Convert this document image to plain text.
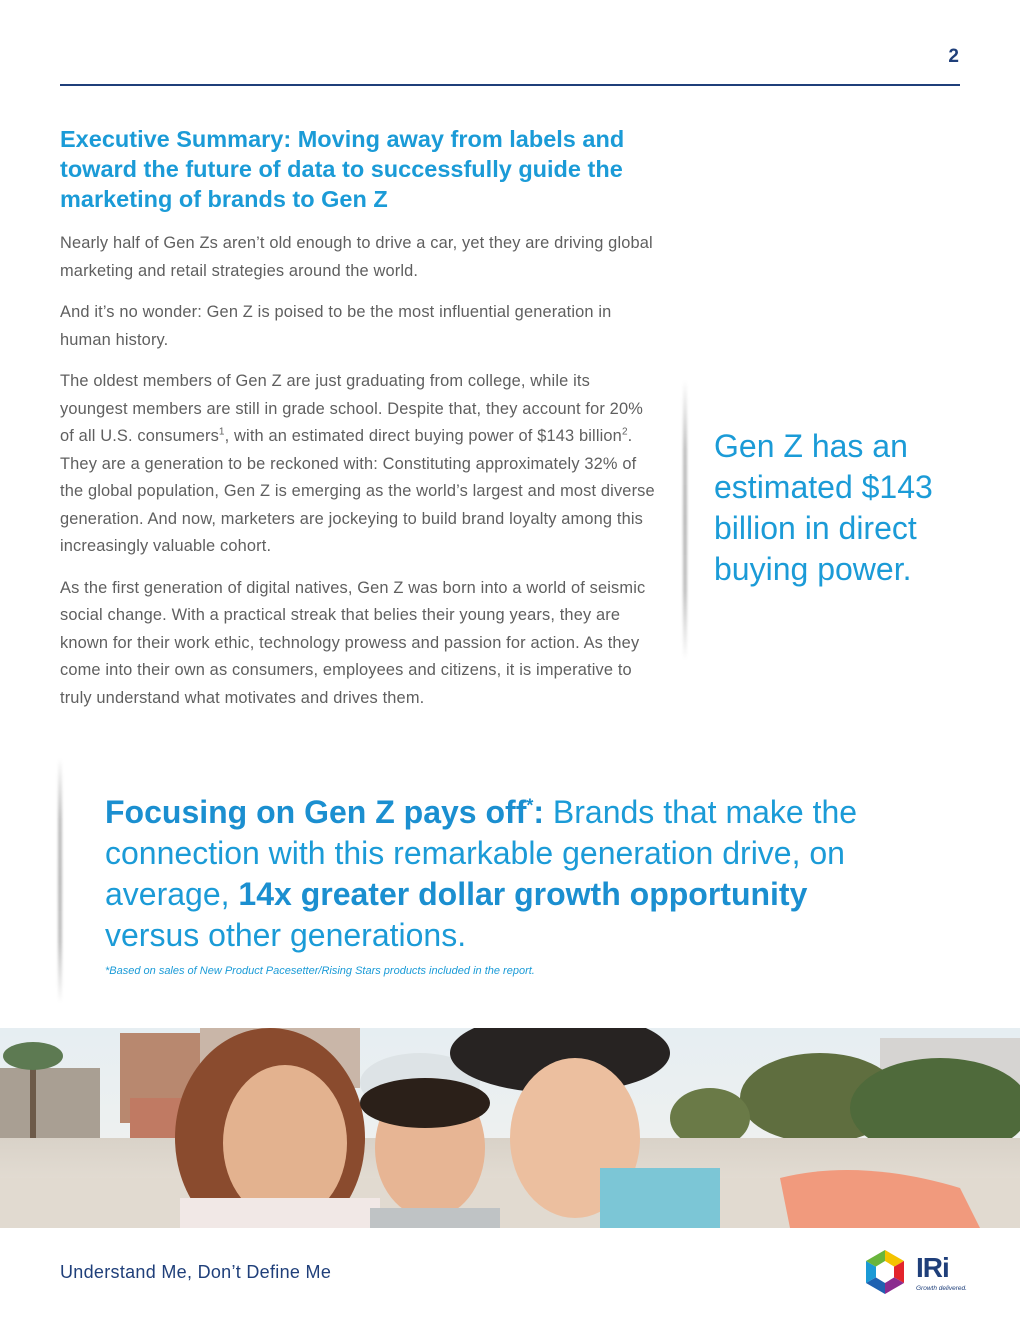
2
Executive Summary: Moving away from labels and toward the future of data to successfully guide the marketing of brands to Gen Z

Nearly half of Gen Zs aren’t old enough to drive a car, yet they are driving global marketing and retail strategies around the world.

And it’s no wonder: Gen Z is poised to be the most influential generation in human history.

The oldest members of Gen Z are just graduating from college, while its youngest members are still in grade school. Despite that, they account for 20% of all U.S. consumers$^1$, with an estimated direct buying power of $143 billion$^2$. They are a generation to be reckoned with: Constituting approximately 32% of the global population, Gen Z is emerging as the world’s largest and most diverse generation. And now, marketers are jockeying to build brand loyalty among this increasingly valuable cohort.

As the first generation of digital natives, Gen Z was born into a world of seismic social change. With a practical streak that belies their young years, they are known for their work ethic, technology prowess and passion for action. As they come into their own as consumers, employees and citizens, it is imperative to truly understand what motivates and drives them.

Gen Z has an estimated $143 billion in direct buying power.
Focusing on Gen Z pays off*: Brands that make the connection with this remarkable generation drive, on average, 14x greater dollar growth opportunity versus other generations.
*Based on sales of New Product Pacesetter/Rising Stars products included in the report.
Understand Me, Don’t Define Me	IRi
Growth delivered.
